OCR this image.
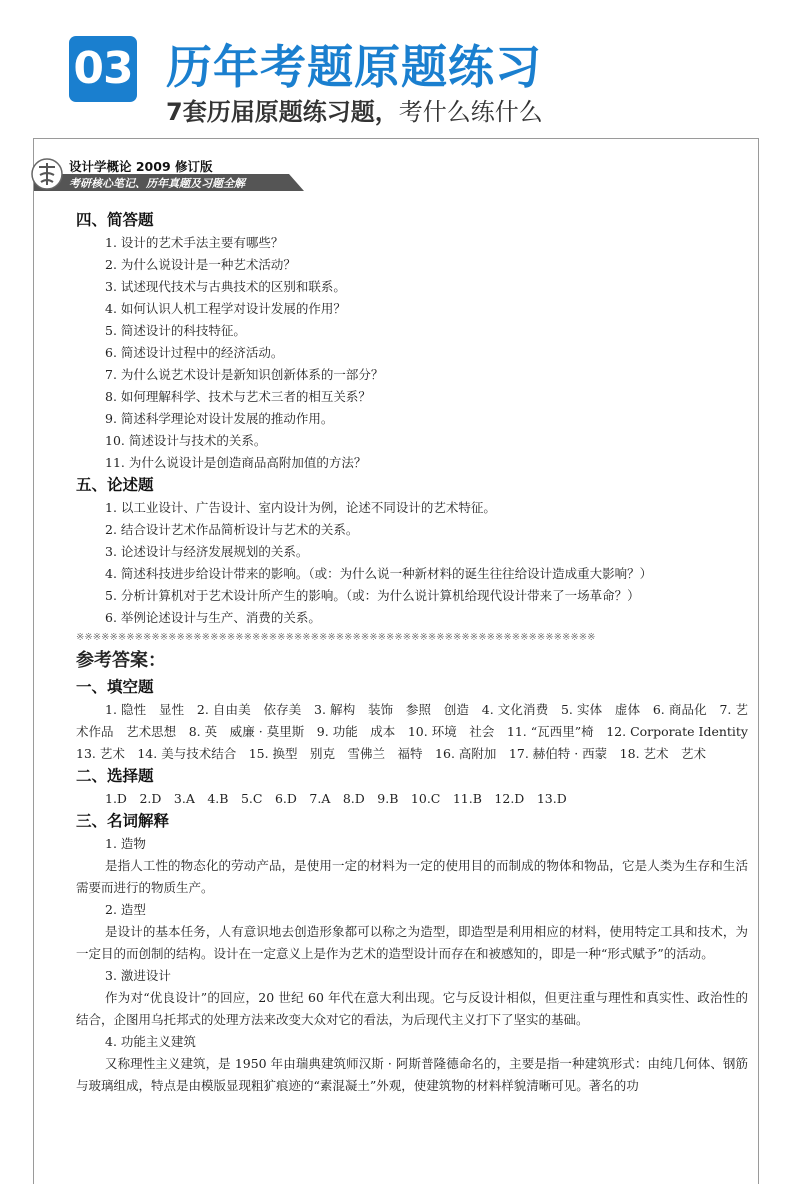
03 历年考题原题练习
7套历届原题练习题，考什么练什么
设计学概论 2009 修订版
考研核心笔记、历年真题及习题全解
四、简答题
1. 设计的艺术手法主要有哪些？
2. 为什么说设计是一种艺术活动？
3. 试述现代技术与古典技术的区别和联系。
4. 如何认识人机工程学对设计发展的作用？
5. 简述设计的科技特征。
6. 简述设计过程中的经济活动。
7. 为什么说艺术设计是新知识创新体系的一部分？
8. 如何理解科学、技术与艺术三者的相互关系？
9. 简述科学理论对设计发展的推动作用。
10. 简述设计与技术的关系。
11. 为什么说设计是创造商品高附加值的方法？
五、论述题
1. 以工业设计、广告设计、室内设计为例，论述不同设计的艺术特征。
2. 结合设计艺术作品简析设计与艺术的关系。
3. 论述设计与经济发展规划的关系。
4. 简述科技进步给设计带来的影响。（或：为什么说一种新材料的诞生往往给设计造成重大影响？）
5. 分析计算机对于艺术设计所产生的影响。（或：为什么说计算机给现代设计带来了一场革命？）
6. 举例论述设计与生产、消费的关系。
※※※※※※※※※※※※※※※※※※※※※※※※※※※※※※※※※※※※※※※※※※※※※※※※※※※※※※※※※※※※※※
参考答案：
一、填空题
1. 隐性　显性　2. 自由美　依存美　3. 解构　装饰　参照　创造　4. 文化消费　5. 实体　虚体　6. 商品化　7. 艺术作品　艺术思想　8. 英　威廉 · 莫里斯　9. 功能　成本　10. 环境　社会　11. “瓦西里”椅　12. Corporate Identity　13. 艺术　14. 美与技术结合　15. 换型　别克　雪佛兰　福特　16. 高附加　17. 赫伯特 · 西蒙　18. 艺术　艺术
二、选择题
1.D　2.D　3.A　4.B　5.C　6.D　7.A　8.D　9.B　10.C　11.B　12.D　13.D
三、名词解释
1. 造物
是指人工性的物态化的劳动产品，是使用一定的材料为一定的使用目的而制成的物体和物品，它是人类为生存和生活需要而进行的物质生产。
2. 造型
是设计的基本任务，人有意识地去创造形象都可以称之为造型，即造型是利用相应的材料，使用特定工具和技术，为一定目的而创制的结构。设计在一定意义上是作为艺术的造型设计而存在和被感知的，即是一种“形式赋予”的活动。
3. 激进设计
作为对“优良设计”的回应，20 世纪 60 年代在意大利出现。它与反设计相似，但更注重与理性和真实性、政治性的结合，企图用乌托邦式的处理方法来改变大众对它的看法，为后现代主义打下了坚实的基础。
4. 功能主义建筑
又称理性主义建筑，是 1950 年由瑞典建筑师汉斯 · 阿斯普隆德命名的，主要是指一种建筑形式：由纯几何体、钢筋与玻璃组成，特点是由模版显现粗犷痕迹的“素混凝土”外观，使建筑物的材料样貌清晰可见。著名的功
